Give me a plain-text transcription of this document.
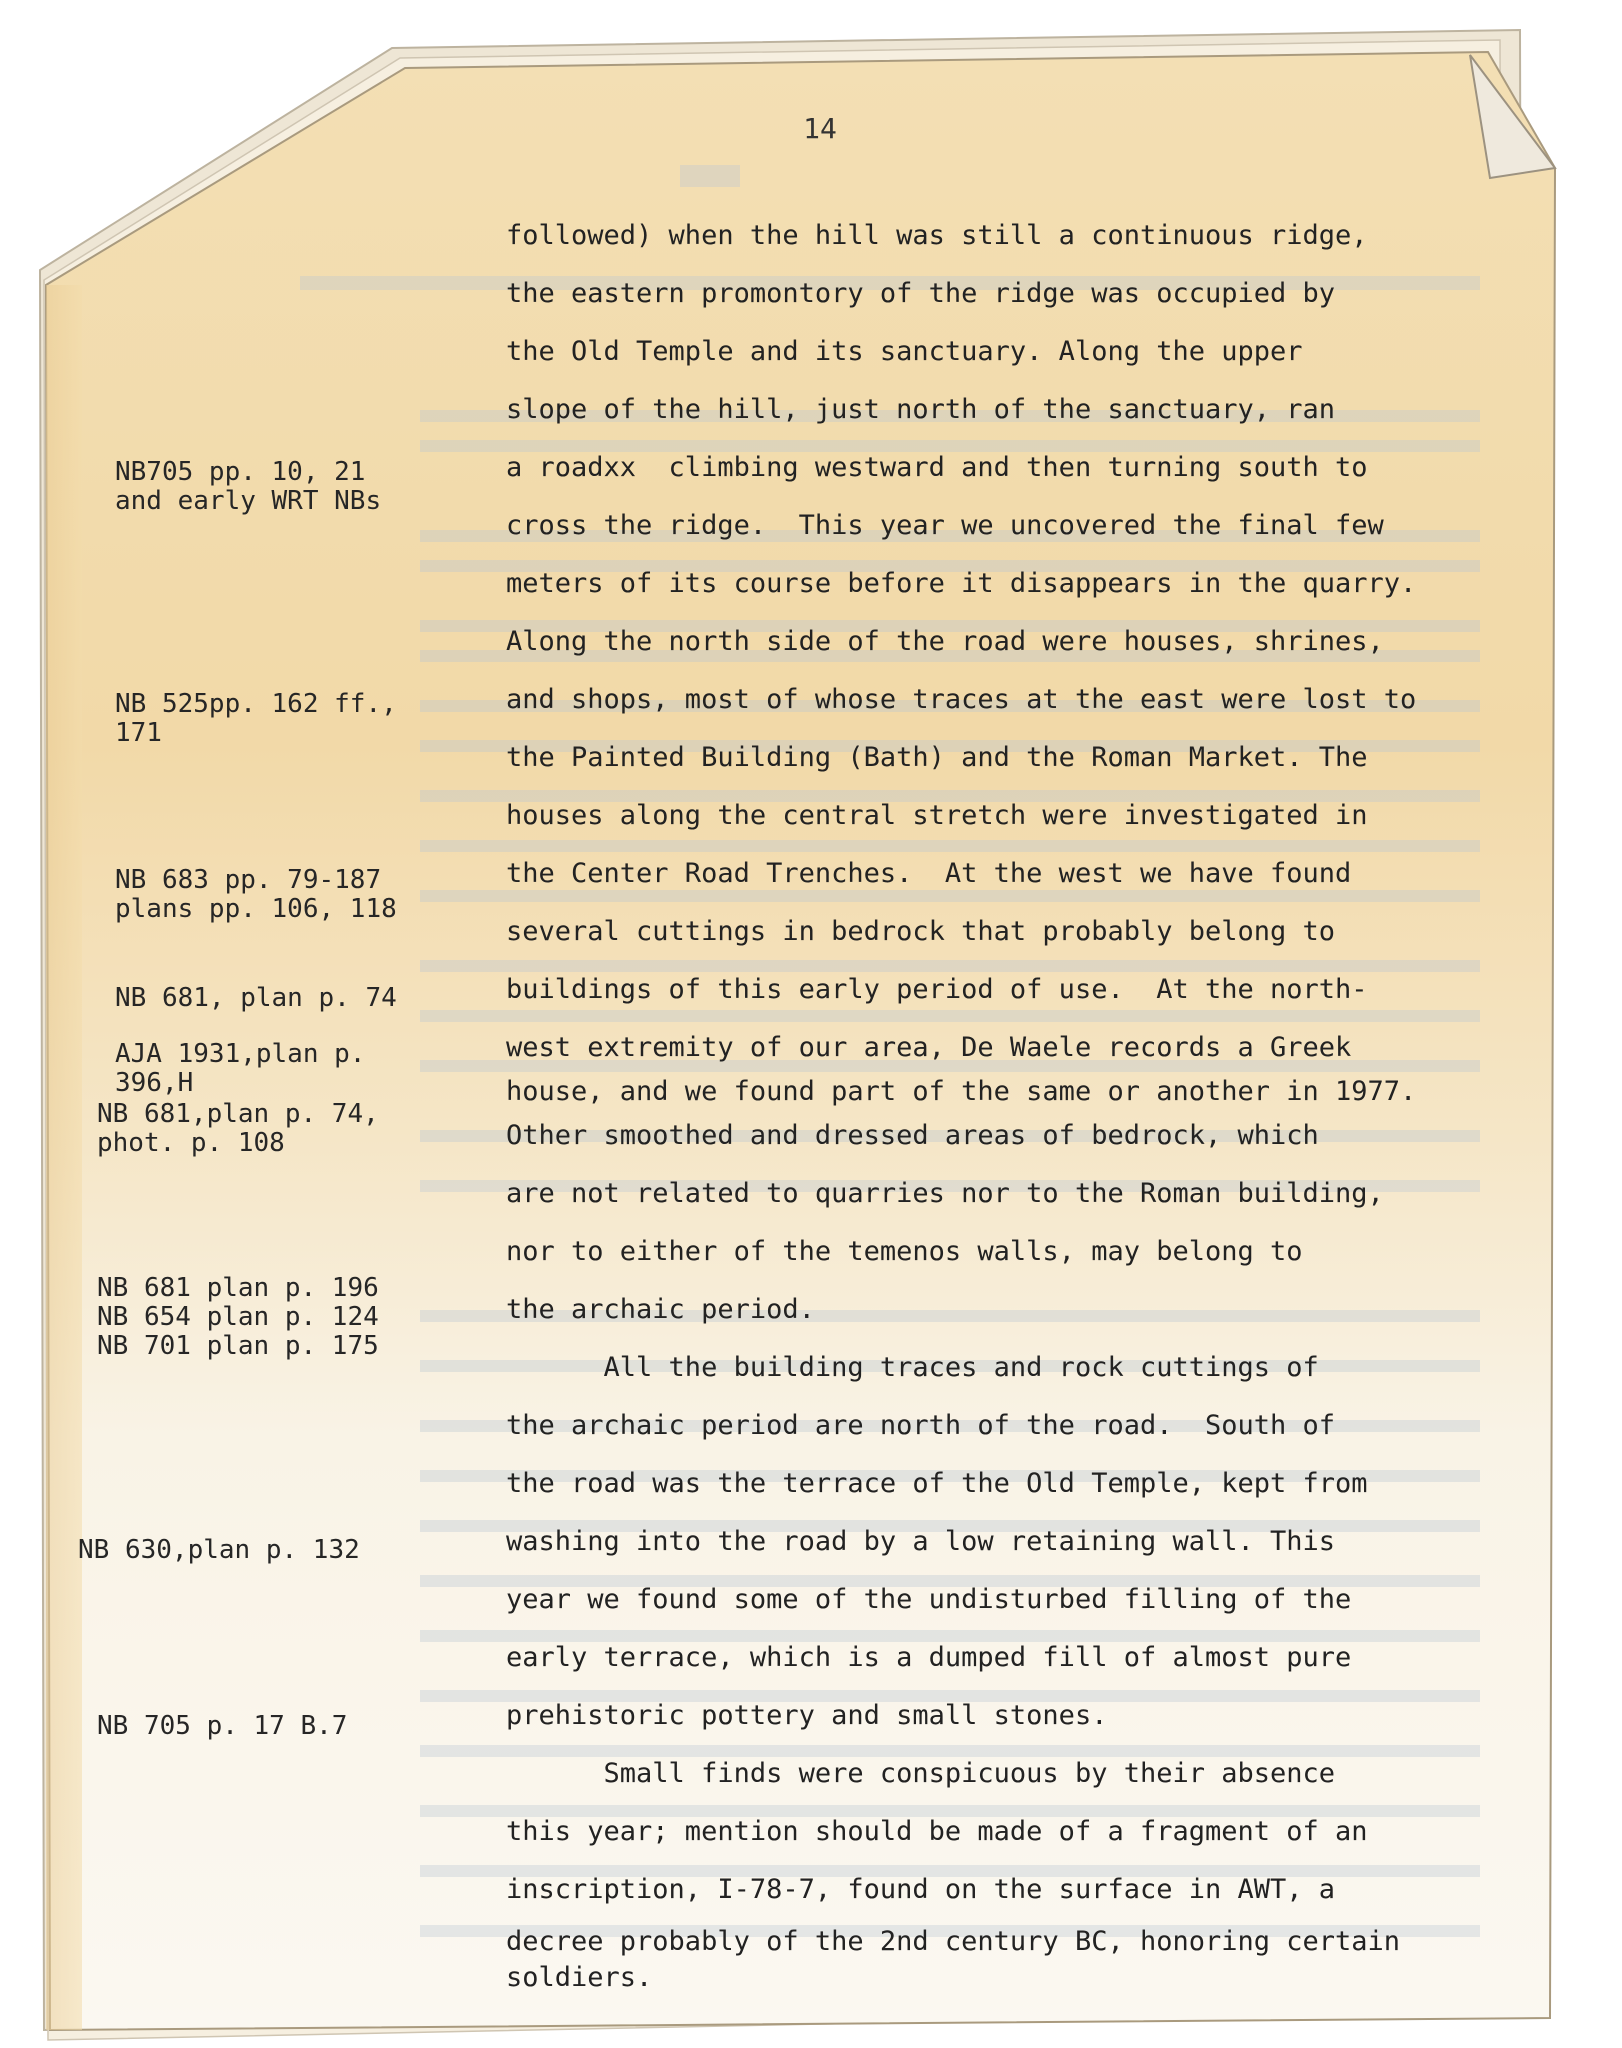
14
followed) when the hill was still a continuous ridge,
the eastern promontory of the ridge was occupied by
the Old Temple and its sanctuary. Along the upper
slope of the hill, just north of the sanctuary, ran
a roadxx  climbing westward and then turning south to
cross the ridge.  This year we uncovered the final few
meters of its course before it disappears in the quarry.
Along the north side of the road were houses, shrines,
and shops, most of whose traces at the east were lost to
the Painted Building (Bath) and the Roman Market. The
houses along the central stretch were investigated in
the Center Road Trenches.  At the west we have found
several cuttings in bedrock that probably belong to
buildings of this early period of use.  At the north-
west extremity of our area, De Waele records a Greek
house, and we found part of the same or another in 1977.
Other smoothed and dressed areas of bedrock, which
are not related to quarries nor to the Roman building,
nor to either of the temenos walls, may belong to
the archaic period.
All the building traces and rock cuttings of
the archaic period are north of the road.  South of
the road was the terrace of the Old Temple, kept from
washing into the road by a low retaining wall. This
year we found some of the undisturbed filling of the
early terrace, which is a dumped fill of almost pure
prehistoric pottery and small stones.
Small finds were conspicuous by their absence
this year; mention should be made of a fragment of an
inscription, I-78-7, found on the surface in AWT, a
decree probably of the 2nd century BC, honoring certain
soldiers.
NB705 pp. 10, 21
and early WRT NBs
NB 525pp. 162 ff.,
171
NB 683 pp. 79-187
plans pp. 106, 118
NB 681, plan p. 74
AJA 1931,plan p.
396,H
NB 681,plan p. 74,
phot. p. 108
NB 681 plan p. 196
NB 654 plan p. 124
NB 701 plan p. 175
NB 630,plan p. 132
NB 705 p. 17 B.7
